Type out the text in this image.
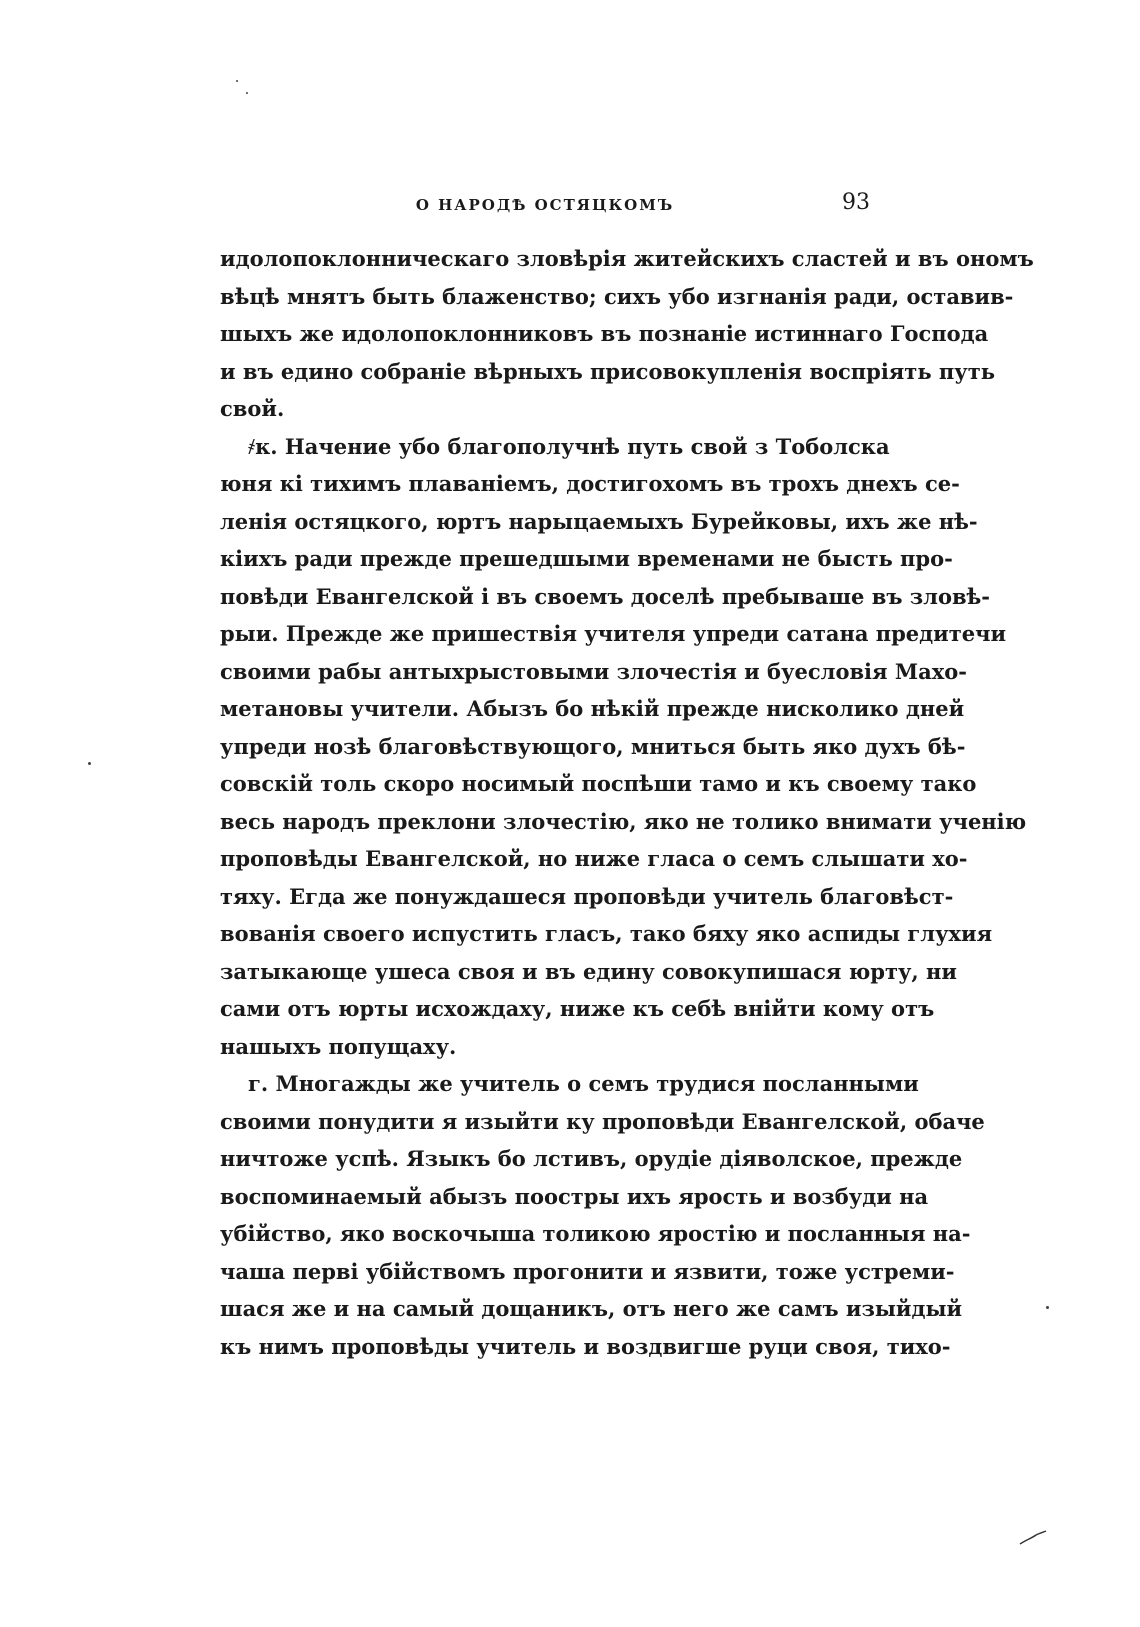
О НАРОДѢ ОСТЯЦКОМЪ	93
идолопоклонническаго зловѣрія житейскихъ сластей и въ ономъ
вѣцѣ мнятъ быть блаженство; сихъ убо изгнанія ради, оставив-
шыхъ же идолопоклонниковъ въ познаніе истиннаго Господа
и въ едино собраніе вѣрныхъ присовокупленія воспріять путь
свой.
҂к. Начение убо благополучнѣ путь свой з Тоболска
юня кі тихимъ плаваніемъ, достигохомъ въ трохъ днехъ се-
ленія остяцкого, юртъ нарыцаемыхъ Бурейковы, ихъ же нѣ-
кіихъ ради прежде прешедшыми временами не бысть про-
повѣди Евангелской і въ своемъ доселѣ пребываше въ зловѣ-
рыи. Прежде же пришествія учителя упреди сатана предитечи
своими рабы антыхрыстовыми злочестія и буесловія Махо-
метановы учители. Абызъ бо нѣкій прежде нисколико дней
упреди нозѣ благовѣствующого, мниться быть яко духъ бѣ-
совскій толь скоро носимый поспѣши тамо и къ своему тако
весь народъ преклони злочестію, яко не толико внимати ученію
проповѣды Евангелской, но ниже гласа о семъ слышати хо-
тяху. Егда же понуждашеся проповѣди учитель благовѣст-
вованія своего испустить гласъ, тако бяху яко аспиды глухия
затыкающе ушеса своя и въ едину совокупишася юрту, ни
сами отъ юрты исхождаху, ниже къ себѣ внійти кому отъ
нашыхъ попущаху.
г. Многажды же учитель о семъ трудися посланными
своими понудити я изыйти ку проповѣди Евангелской, обаче
ничтоже успѣ. Языкъ бо лстивъ, орудіе діяволское, прежде
воспоминаемый абызъ поостры ихъ ярость и возбуди на
убійство, яко воскочыша толикою яростію и посланныя на-
чаша перві убійствомъ прогонити и язвити, тоже устреми-
шася же и на самый дощаникъ, отъ него же самъ изыйдый
къ нимъ проповѣды учитель и воздвигше руци своя, тихо-
